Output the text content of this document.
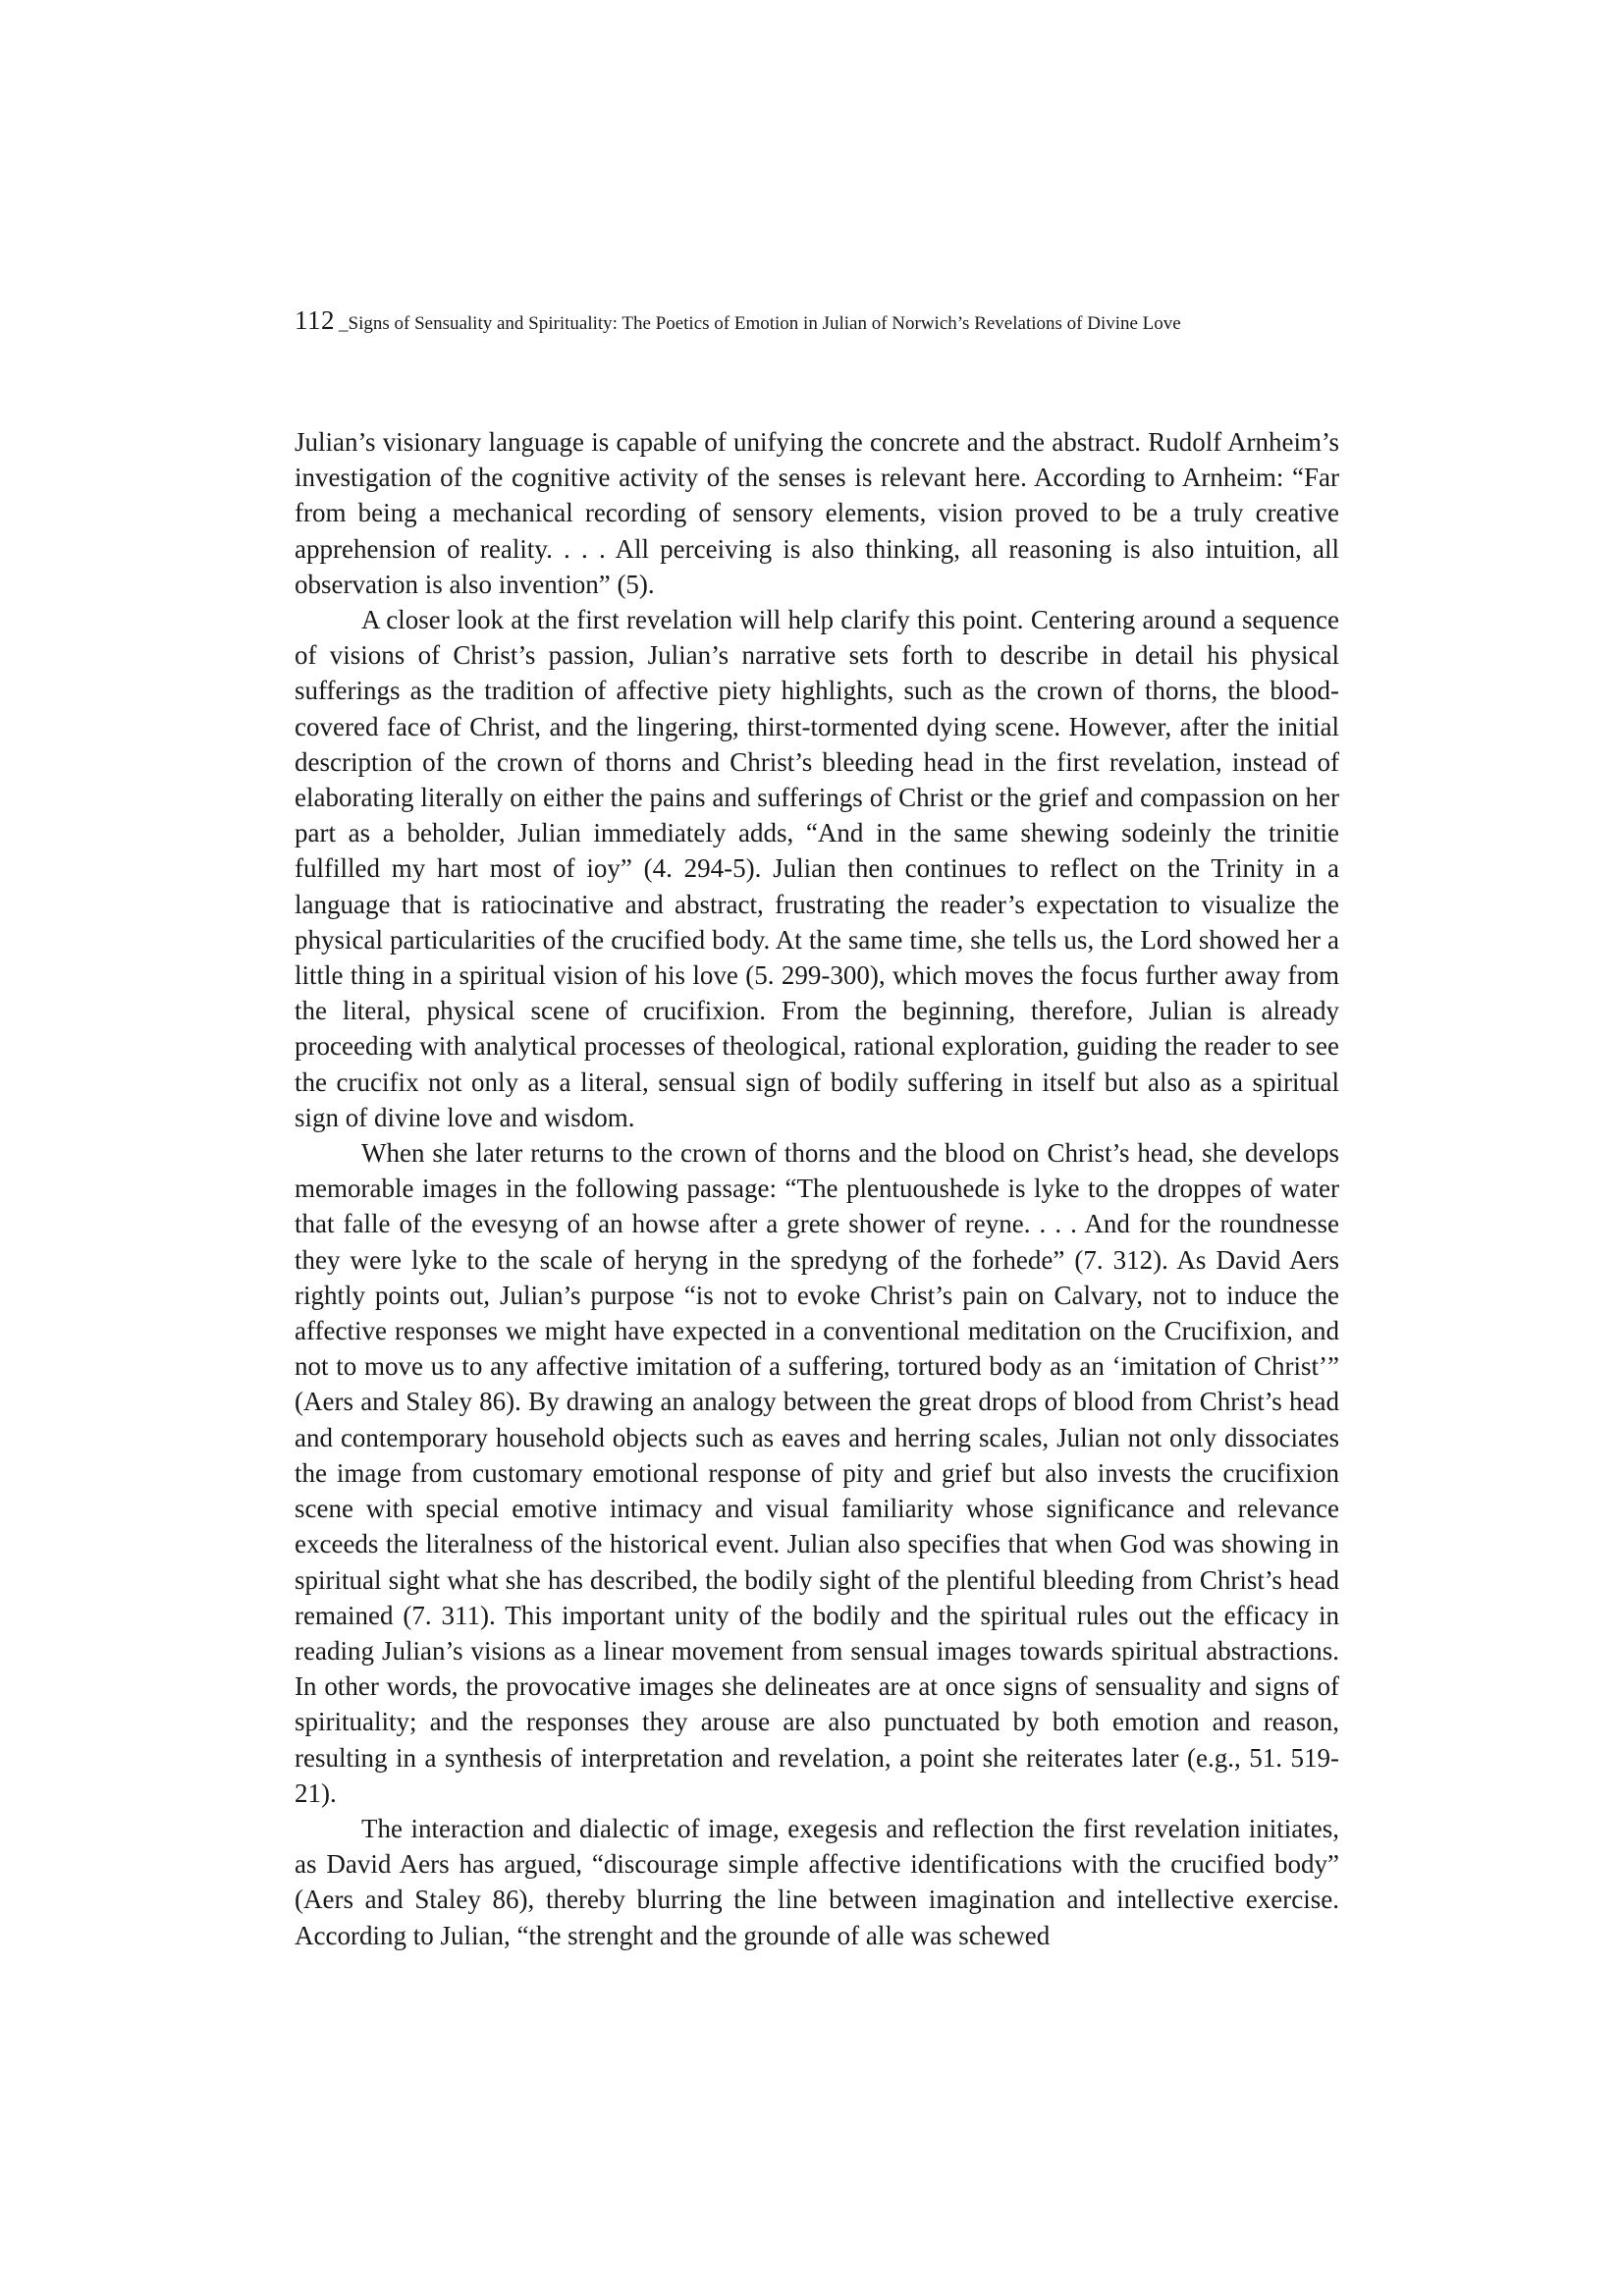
112 _Signs of Sensuality and Spirituality: The Poetics of Emotion in Julian of Norwich’s Revelations of Divine Love

Julian’s visionary language is capable of unifying the concrete and the abstract. Rudolf Arnheim’s investigation of the cognitive activity of the senses is relevant here. According to Arnheim: “Far from being a mechanical recording of sensory elements, vision proved to be a truly creative apprehension of reality. . . . All perceiving is also thinking, all reasoning is also intuition, all observation is also invention” (5).

A closer look at the first revelation will help clarify this point. Centering around a sequence of visions of Christ’s passion, Julian’s narrative sets forth to describe in detail his physical sufferings as the tradition of affective piety highlights, such as the crown of thorns, the blood-covered face of Christ, and the lingering, thirst-tormented dying scene. However, after the initial description of the crown of thorns and Christ’s bleeding head in the first revelation, instead of elaborating literally on either the pains and sufferings of Christ or the grief and compassion on her part as a beholder, Julian immediately adds, “And in the same shewing sodeinly the trinitie fulfilled my hart most of ioy” (4. 294-5). Julian then continues to reflect on the Trinity in a language that is ratiocinative and abstract, frustrating the reader’s expectation to visualize the physical particularities of the crucified body. At the same time, she tells us, the Lord showed her a little thing in a spiritual vision of his love (5. 299-300), which moves the focus further away from the literal, physical scene of crucifixion. From the beginning, therefore, Julian is already proceeding with analytical processes of theological, rational exploration, guiding the reader to see the crucifix not only as a literal, sensual sign of bodily suffering in itself but also as a spiritual sign of divine love and wisdom.

When she later returns to the crown of thorns and the blood on Christ’s head, she develops memorable images in the following passage: “The plentuoushede is lyke to the droppes of water that falle of the evesyng of an howse after a grete shower of reyne. . . . And for the roundnesse they were lyke to the scale of heryng in the spredyng of the forhede” (7. 312). As David Aers rightly points out, Julian’s purpose “is not to evoke Christ’s pain on Calvary, not to induce the affective responses we might have expected in a conventional meditation on the Crucifixion, and not to move us to any affective imitation of a suffering, tortured body as an ‘imitation of Christ’” (Aers and Staley 86). By drawing an analogy between the great drops of blood from Christ’s head and contemporary household objects such as eaves and herring scales, Julian not only dissociates the image from customary emotional response of pity and grief but also invests the crucifixion scene with special emotive intimacy and visual familiarity whose significance and relevance exceeds the literalness of the historical event. Julian also specifies that when God was showing in spiritual sight what she has described, the bodily sight of the plentiful bleeding from Christ’s head remained (7. 311). This important unity of the bodily and the spiritual rules out the efficacy in reading Julian’s visions as a linear movement from sensual images towards spiritual abstractions. In other words, the provocative images she delineates are at once signs of sensuality and signs of spirituality; and the responses they arouse are also punctuated by both emotion and reason, resulting in a synthesis of interpretation and revelation, a point she reiterates later (e.g., 51. 519-21).

The interaction and dialectic of image, exegesis and reflection the first revelation initiates, as David Aers has argued, “discourage simple affective identifications with the crucified body” (Aers and Staley 86), thereby blurring the line between imagination and intellective exercise. According to Julian, “the strenght and the grounde of alle was schewed
